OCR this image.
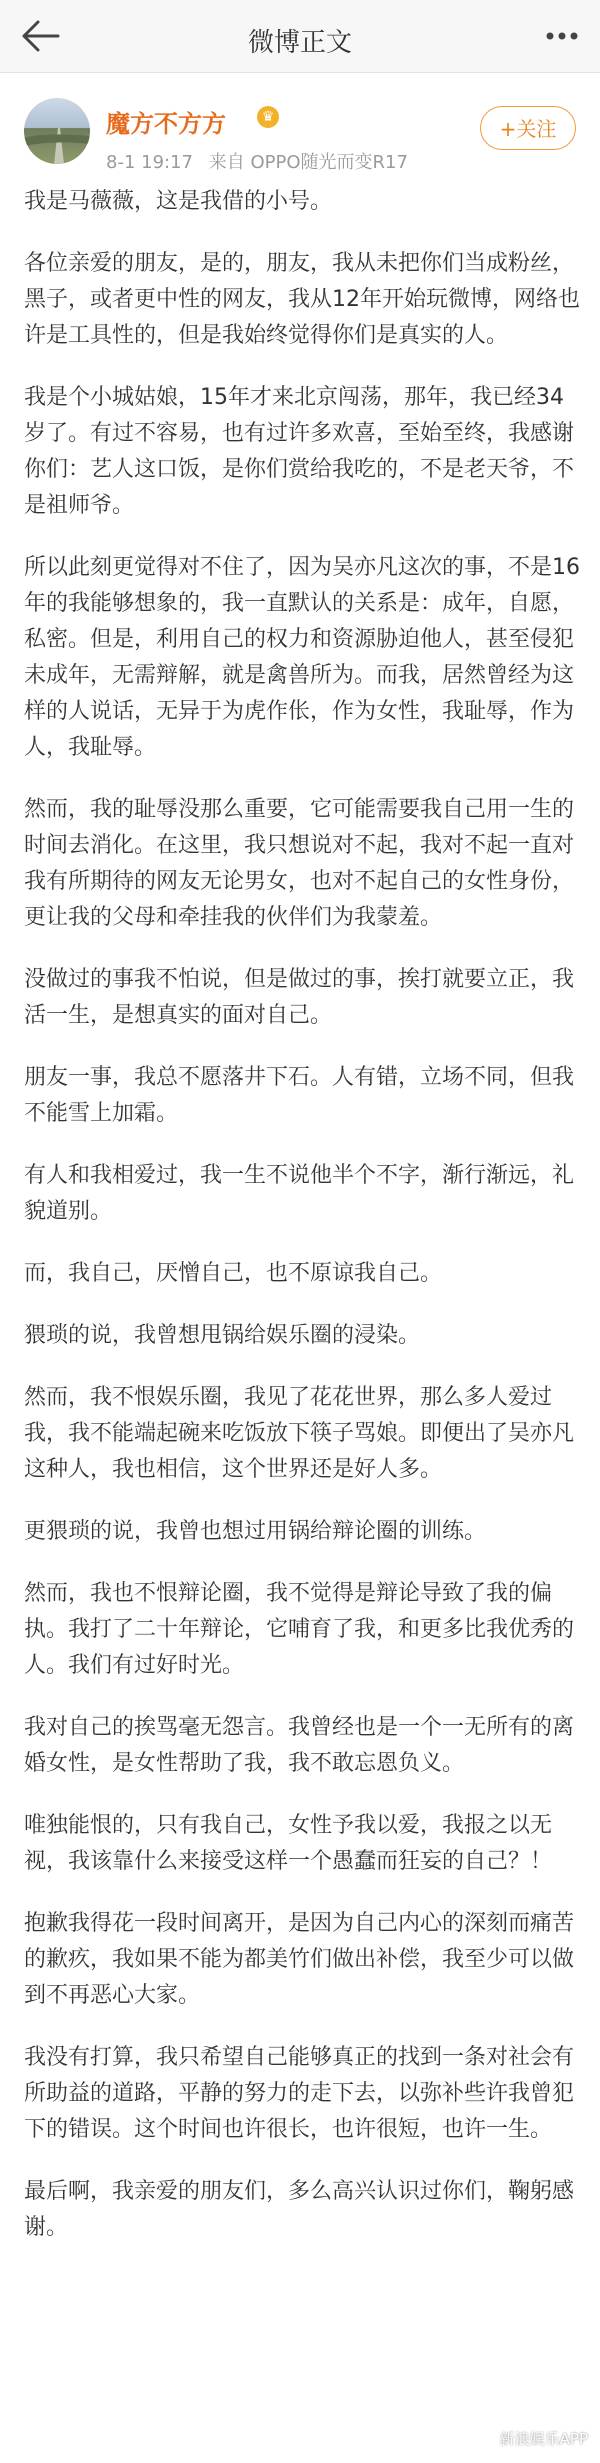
微博正文
魔方不方方	♛
8-1 19:17 来自 OPPO随光而变R17
+关注

我是马薇薇，这是我借的小号。

各位亲爱的朋友，是的，朋友，我从未把你们当成粉丝，黑子，或者更中性的网友，我从12年开始玩微博，网络也许是工具性的，但是我始终觉得你们是真实的人。

我是个小城姑娘，15年才来北京闯荡，那年，我已经34岁了。有过不容易，也有过许多欢喜，至始至终，我感谢你们：艺人这口饭，是你们赏给我吃的，不是老天爷，不是祖师爷。

所以此刻更觉得对不住了，因为吴亦凡这次的事，不是16年的我能够想象的，我一直默认的关系是：成年，自愿，私密。但是，利用自己的权力和资源胁迫他人，甚至侵犯未成年，无需辩解，就是禽兽所为。而我，居然曾经为这样的人说话，无异于为虎作伥，作为女性，我耻辱，作为人，我耻辱。

然而，我的耻辱没那么重要，它可能需要我自己用一生的时间去消化。在这里，我只想说对不起，我对不起一直对我有所期待的网友无论男女，也对不起自己的女性身份，更让我的父母和牵挂我的伙伴们为我蒙羞。

没做过的事我不怕说，但是做过的事，挨打就要立正，我活一生，是想真实的面对自己。

朋友一事，我总不愿落井下石。人有错，立场不同，但我不能雪上加霜。

有人和我相爱过，我一生不说他半个不字，渐行渐远，礼貌道别。

而，我自己，厌憎自己，也不原谅我自己。

猥琐的说，我曾想甩锅给娱乐圈的浸染。

然而，我不恨娱乐圈，我见了花花世界，那么多人爱过我，我不能端起碗来吃饭放下筷子骂娘。即便出了吴亦凡这种人，我也相信，这个世界还是好人多。

更猥琐的说，我曾也想过用锅给辩论圈的训练。

然而，我也不恨辩论圈，我不觉得是辩论导致了我的偏执。我打了二十年辩论，它哺育了我，和更多比我优秀的人。我们有过好时光。

我对自己的挨骂毫无怨言。我曾经也是一个一无所有的离婚女性，是女性帮助了我，我不敢忘恩负义。

唯独能恨的，只有我自己，女性予我以爱，我报之以无视，我该靠什么来接受这样一个愚蠢而狂妄的自己？！

抱歉我得花一段时间离开，是因为自己内心的深刻而痛苦的歉疚，我如果不能为都美竹们做出补偿，我至少可以做到不再恶心大家。

我没有打算，我只希望自己能够真正的找到一条对社会有所助益的道路，平静的努力的走下去，以弥补些许我曾犯下的错误。这个时间也许很长，也许很短，也许一生。

最后啊，我亲爱的朋友们，多么高兴认识过你们，鞠躬感谢。

新浪娱乐APP
